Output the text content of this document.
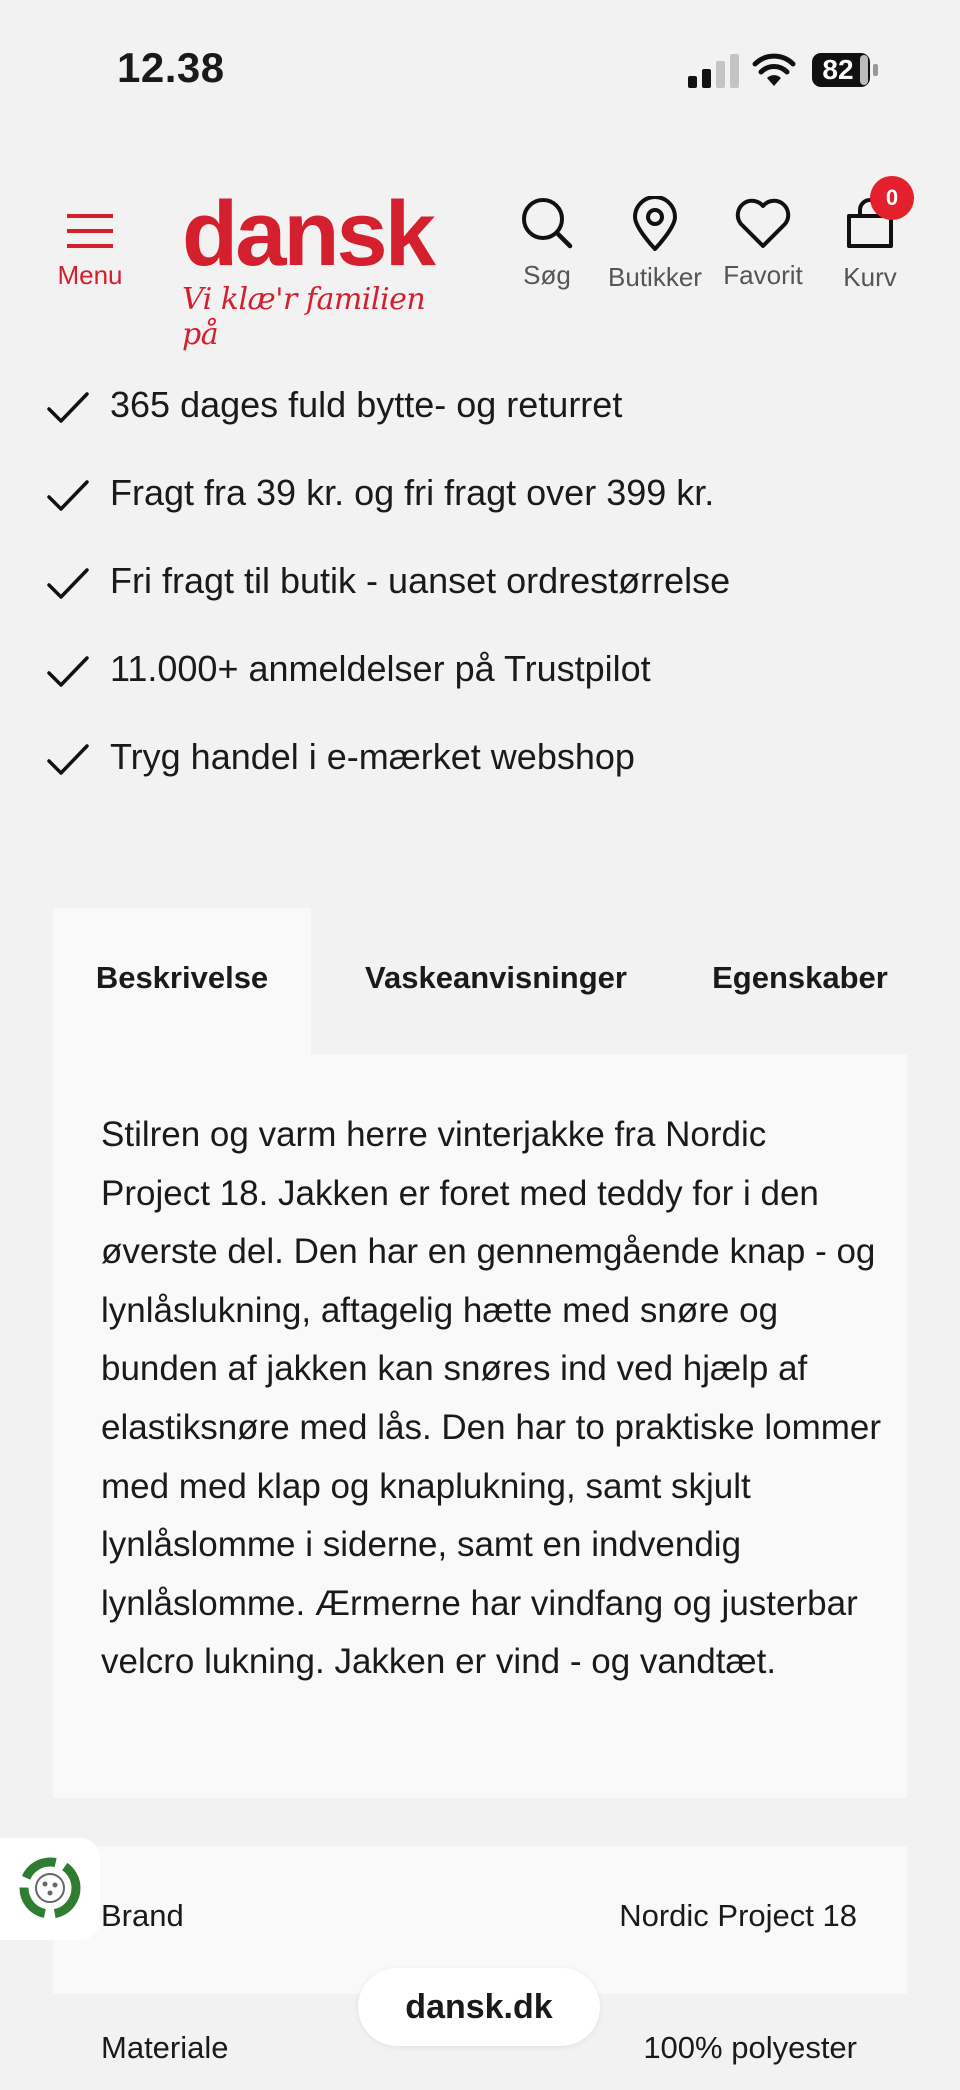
12.38	82
Menu dansk
Vi klæ'r familien på
Søg	Butikker Favorit	Kurv
0
365 dages fuld bytte- og returret
Fragt fra 39 kr. og fri fragt over 399 kr.
Fri fragt til butik - uanset ordrestørrelse
11.000+ anmeldelser på Trustpilot
Tryg handel i e-mærket webshop
Beskrivelse	Vaskeanvisninger	Egenskaber
Stilren og varm herre vinterjakke fra Nordic Project 18. Jakken er foret med teddy for i den øverste del. Den har en gennemgående knap - og lynlåslukning, aftagelig hætte med snøre og bunden af jakken kan snøres ind ved hjælp af elastiksnøre med lås. Den har to praktiske lommer med med klap og knaplukning, samt skjult lynlåslomme i siderne, samt en indvendig lynlåslomme. Ærmerne har vindfang og justerbar velcro lukning. Jakken er vind - og vandtæt.
Brand	Nordic Project 18
Materiale	100% polyester
dansk.dk
